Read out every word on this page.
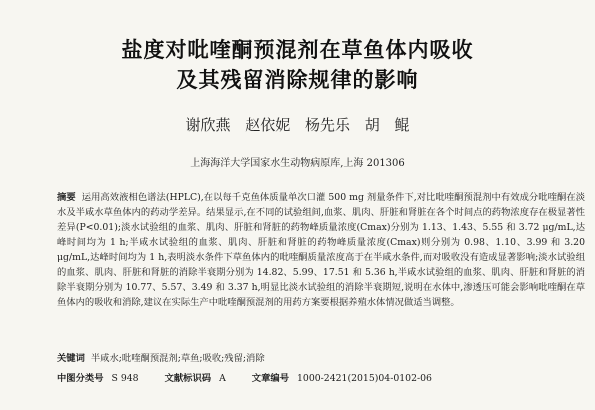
盐度对吡喹酮预混剂在草鱼体内吸收
及其残留消除规律的影响
谢欣燕 赵依妮 杨先乐 胡 鲲
上海海洋大学国家水生动物病原库,上海 201306
摘要 运用高效液相色谱法(HPLC),在以每千克鱼体质量单次口灌 500 mg 剂量条件下,对比吡喹酮预混剂中有效成分吡喹酮在淡水及半咸水草鱼体内的药动学差异。结果显示,在不同的试验组间,血浆、肌肉、肝脏和肾脏在各个时间点的药物浓度存在极显著性差异(P<0.01);淡水试验组的血浆、肌肉、肝脏和肾脏的药物峰质量浓度(Cmax)分别为 1.13、1.43、5.55 和 3.72 μg/mL,达峰时间均为 1 h;半咸水试验组的血浆、肌肉、肝脏和肾脏的药物峰质量浓度(Cmax)则分别为 0.98、1.10、3.99 和 3.20 μg/mL,达峰时间均为 1 h,表明淡水条件下草鱼体内的吡喹酮质量浓度高于在半咸水条件,而对吸收没有造成显著影响;淡水试验组的血浆、肌肉、肝脏和肾脏的消除半衰期分别为 14.82、5.99、17.51 和 5.36 h,半咸水试验组的血浆、肌肉、肝脏和肾脏的消除半衰期分别为 10.77、5.57、3.49 和 3.37 h,明显比淡水试验组的消除半衰期短,说明在水体中,渗透压可能会影响吡喹酮在草鱼体内的吸收和消除,建议在实际生产中吡喹酮预混剂的用药方案要根据养殖水体情况做适当调整。
关键词 半咸水;吡喹酮预混剂;草鱼;吸收;残留;消除
中图分类号 S 948	文献标识码 A	文章编号 1000-2421(2015)04-0102-06
